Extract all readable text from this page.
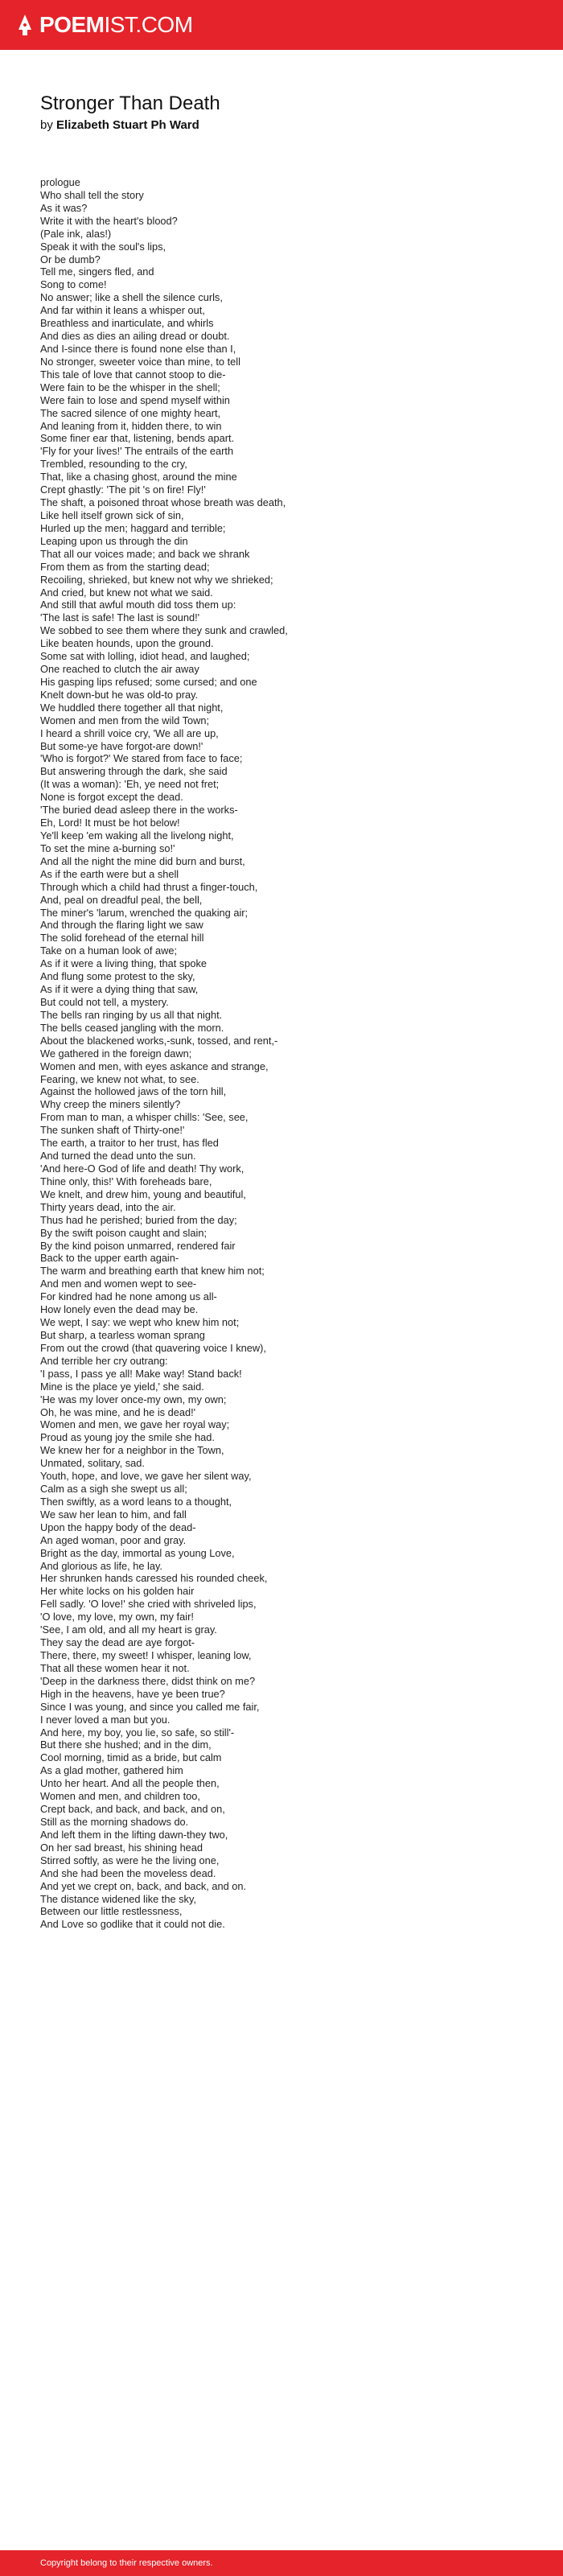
POEMIST.COM
Stronger Than Death
by Elizabeth Stuart Ph Ward
prologue
Who shall tell the story
As it was?
Write it with the heart's blood?
(Pale ink, alas!)
Speak it with the soul's lips,
Or be dumb?
Tell me, singers fled, and
Song to come!
No answer; like a shell the silence curls,
And far within it leans a whisper out,
Breathless and inarticulate, and whirls
And dies as dies an ailing dread or doubt.
And I-since there is found none else than I,
No stronger, sweeter voice than mine, to tell
This tale of love that cannot stoop to die-
Were fain to be the whisper in the shell;
Were fain to lose and spend myself within
The sacred silence of one mighty heart,
And leaning from it, hidden there, to win
Some finer ear that, listening, bends apart.
'Fly for your lives!' The entrails of the earth
Trembled, resounding to the cry,
That, like a chasing ghost, around the mine
Crept ghastly: 'The pit 's on fire! Fly!'
The shaft, a poisoned throat whose breath was death,
Like hell itself grown sick of sin,
Hurled up the men; haggard and terrible;
Leaping upon us through the din
That all our voices made; and back we shrank
From them as from the starting dead;
Recoiling, shrieked, but knew not why we shrieked;
And cried, but knew not what we said.
And still that awful mouth did toss them up:
'The last is safe! The last is sound!'
We sobbed to see them where they sunk and crawled,
Like beaten hounds, upon the ground.
Some sat with lolling, idiot head, and laughed;
One reached to clutch the air away
His gasping lips refused; some cursed; and one
Knelt down-but he was old-to pray.
We huddled there together all that night,
Women and men from the wild Town;
I heard a shrill voice cry, 'We all are up,
But some-ye have forgot-are down!'
'Who is forgot?' We stared from face to face;
But answering through the dark, she said
(It was a woman): 'Eh, ye need not fret;
None is forgot except the dead.
'The buried dead asleep there in the works-
Eh, Lord! It must be hot below!
Ye'll keep 'em waking all the livelong night,
To set the mine a-burning so!'
And all the night the mine did burn and burst,
As if the earth were but a shell
Through which a child had thrust a finger-touch,
And, peal on dreadful peal, the bell,
The miner's 'larum, wrenched the quaking air;
And through the flaring light we saw
The solid forehead of the eternal hill
Take on a human look of awe;
As if it were a living thing, that spoke
And flung some protest to the sky,
As if it were a dying thing that saw,
But could not tell, a mystery.
The bells ran ringing by us all that night.
The bells ceased jangling with the morn.
About the blackened works,-sunk, tossed, and rent,-
We gathered in the foreign dawn;
Women and men, with eyes askance and strange,
Fearing, we knew not what, to see.
Against the hollowed jaws of the torn hill,
Why creep the miners silently?
From man to man, a whisper chills: 'See, see,
The sunken shaft of Thirty-one!'
The earth, a traitor to her trust, has fled
And turned the dead unto the sun.
'And here-O God of life and death! Thy work,
Thine only, this!' With foreheads bare,
We knelt, and drew him, young and beautiful,
Thirty years dead, into the air.
Thus had he perished; buried from the day;
By the swift poison caught and slain;
By the kind poison unmarred, rendered fair
Back to the upper earth again-
The warm and breathing earth that knew him not;
And men and women wept to see-
For kindred had he none among us all-
How lonely even the dead may be.
We wept, I say: we wept who knew him not;
But sharp, a tearless woman sprang
From out the crowd (that quavering voice I knew),
And terrible her cry outrang:
'I pass, I pass ye all! Make way! Stand back!
Mine is the place ye yield,' she said.
'He was my lover once-my own, my own;
Oh, he was mine, and he is dead!'
Women and men, we gave her royal way;
Proud as young joy the smile she had.
We knew her for a neighbor in the Town,
Unmated, solitary, sad.
Youth, hope, and love, we gave her silent way,
Calm as a sigh she swept us all;
Then swiftly, as a word leans to a thought,
We saw her lean to him, and fall
Upon the happy body of the dead-
An aged woman, poor and gray.
Bright as the day, immortal as young Love,
And glorious as life, he lay.
Her shrunken hands caressed his rounded cheek,
Her white locks on his golden hair
Fell sadly. 'O love!' she cried with shriveled lips,
'O love, my love, my own, my fair!
'See, I am old, and all my heart is gray.
They say the dead are aye forgot-
There, there, my sweet! I whisper, leaning low,
That all these women hear it not.
'Deep in the darkness there, didst think on me?
High in the heavens, have ye been true?
Since I was young, and since you called me fair,
I never loved a man but you.
And here, my boy, you lie, so safe, so still'-
But there she hushed; and in the dim,
Cool morning, timid as a bride, but calm
As a glad mother, gathered him
Unto her heart. And all the people then,
Women and men, and children too,
Crept back, and back, and back, and on,
Still as the morning shadows do.
And left them in the lifting dawn-they two,
On her sad breast, his shining head
Stirred softly, as were he the living one,
And she had been the moveless dead.
And yet we crept on, back, and back, and on.
The distance widened like the sky,
Between our little restlessness,
And Love so godlike that it could not die.
Copyright belong to their respective owners.
